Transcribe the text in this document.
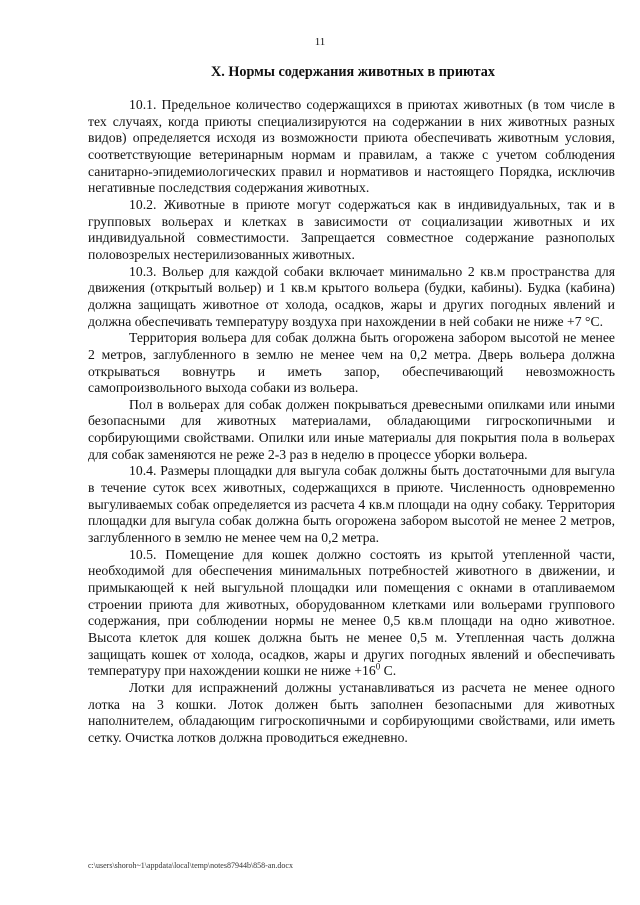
11
X. Нормы содержания животных в приютах

10.1. Предельное количество содержащихся в приютах животных (в том числе в тех случаях, когда приюты специализируются на содержании в них животных разных видов) определяется исходя из возможности приюта обеспечивать животным условия, соответствующие ветеринарным нормам и правилам, а также с учетом соблюдения санитарно-эпидемиологических правил и нормативов и настоящего Порядка, исключив негативные последствия содержания животных.

10.2. Животные в приюте могут содержаться как в индивидуальных, так и в групповых вольерах и клетках в зависимости от социализации животных и их индивидуальной совместимости. Запрещается совместное содержание разнополых половозрелых нестерилизованных животных.

10.3. Вольер для каждой собаки включает минимально 2 кв.м пространства для движения (открытый вольер) и 1 кв.м крытого вольера (будки, кабины). Будка (кабина) должна защищать животное от холода, осадков, жары и других погодных явлений и должна обеспечивать температуру воздуха при нахождении в ней собаки не ниже +7 °С.

Территория вольера для собак должна быть огорожена забором высотой не менее 2 метров, заглубленного в землю не менее чем на 0,2 метра. Дверь вольера должна открываться вовнутрь и иметь запор, обеспечивающий невозможность самопроизвольного выхода собаки из вольера.

Пол в вольерах для собак должен покрываться древесными опилками или иными безопасными для животных материалами, обладающими гигроскопичными и сорбирующими свойствами. Опилки или иные материалы для покрытия пола в вольерах для собак заменяются не реже 2-3 раз в неделю в процессе уборки вольера.

10.4. Размеры площадки для выгула собак должны быть достаточными для выгула в течение суток всех животных, содержащихся в приюте. Численность одновременно выгуливаемых собак определяется из расчета 4 кв.м площади на одну собаку. Территория площадки для выгула собак должна быть огорожена забором высотой не менее 2 метров, заглубленного в землю не менее чем на 0,2 метра.

10.5. Помещение для кошек должно состоять из крытой утепленной части, необходимой для обеспечения минимальных потребностей животного в движении, и примыкающей к ней выгульной площадки или помещения с окнами в отапливаемом строении приюта для животных, оборудованном клетками или вольерами группового содержания, при соблюдении нормы не менее 0,5 кв.м площади на одно животное. Высота клеток для кошек должна быть не менее 0,5 м. Утепленная часть должна защищать кошек от холода, осадков, жары и других погодных явлений и обеспечивать температуру при нахождении кошки не ниже $+16^0$ С.

Лотки для испражнений должны устанавливаться из расчета не менее одного лотка на 3 кошки. Лоток должен быть заполнен безопасными для животных наполнителем, обладающим гигроскопичными и сорбирующими свойствами, или иметь сетку. Очистка лотков должна проводиться ежедневно.

c:\users\shoroh~1\appdata\local\temp\notes87944b\858-an.docx
